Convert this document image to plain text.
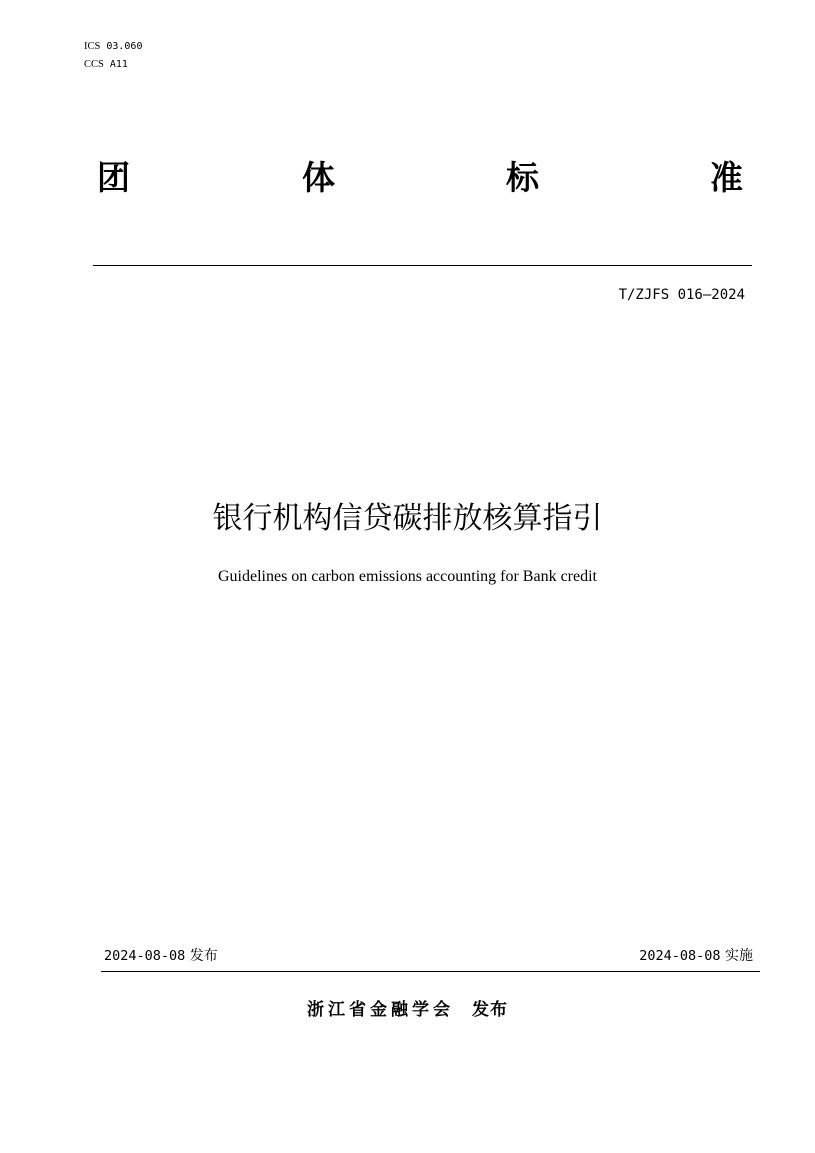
ICS 03.060
CCS A11
团	体	标	准
T/ZJFS 016—2024
银行机构信贷碳排放核算指引
Guidelines on carbon emissions accounting for Bank credit
2024-08-08 发布	2024-08-08 实施
浙江省金融学会 发布
